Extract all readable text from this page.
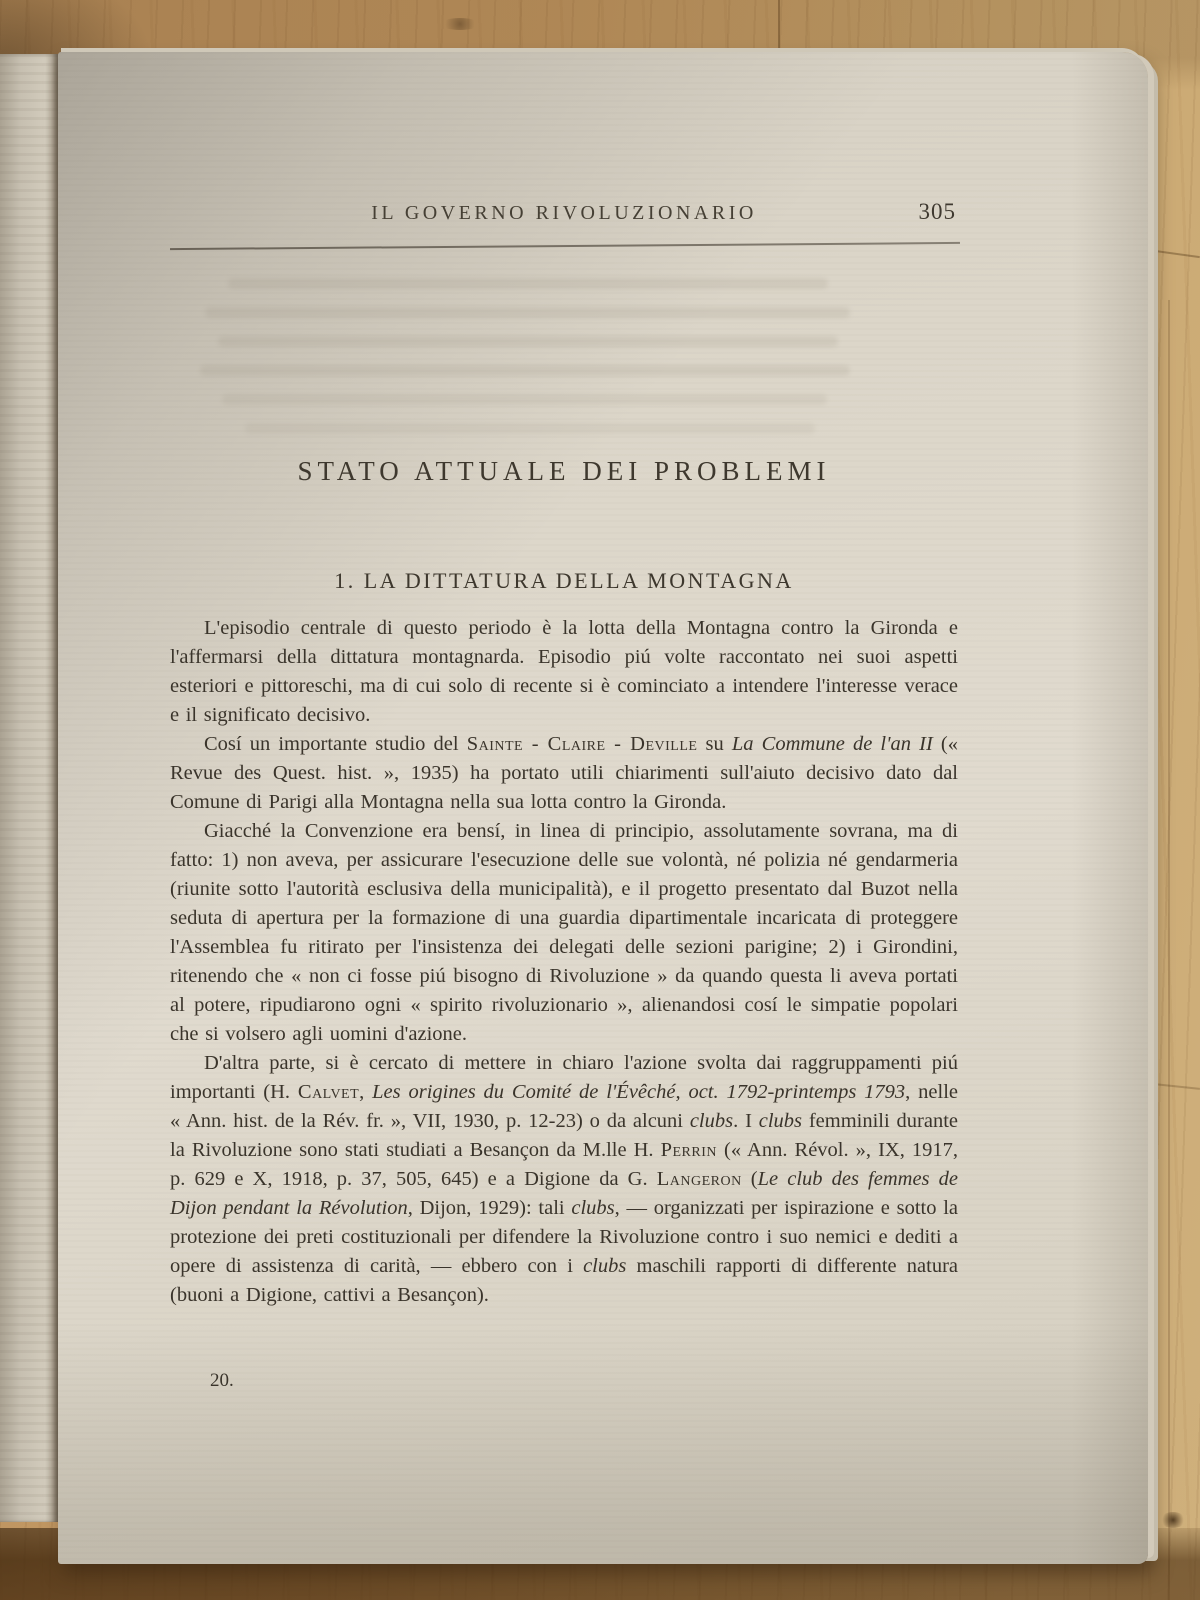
IL GOVERNO RIVOLUZIONARIO	305
STATO ATTUALE DEI PROBLEMI
1. LA DITTATURA DELLA MONTAGNA

L'episodio centrale di questo periodo è la lotta della Montagna contro la Gironda e l'affermarsi della dittatura montagnarda. Episodio piú volte raccontato nei suoi aspetti esteriori e pittoreschi, ma di cui solo di recente si è cominciato a intendere l'interesse verace e il significato decisivo.

Cosí un importante studio del Sainte - Claire - Deville su La Commune de l'an II (« Revue des Quest. hist. », 1935) ha portato utili chiarimenti sull'aiuto decisivo dato dal Comune di Parigi alla Montagna nella sua lotta contro la Gironda.

Giacché la Convenzione era bensí, in linea di principio, assolutamente sovrana, ma di fatto: 1) non aveva, per assicurare l'esecuzione delle sue volontà, né polizia né gendarmeria (riunite sotto l'autorità esclusiva della municipalità), e il progetto presentato dal Buzot nella seduta di apertura per la formazione di una guardia dipartimentale incaricata di proteggere l'Assemblea fu ritirato per l'insistenza dei delegati delle sezioni parigine; 2) i Girondini, ritenendo che « non ci fosse piú bisogno di Rivoluzione » da quando questa li aveva portati al potere, ripudiarono ogni « spirito rivoluzionario », alienandosi cosí le simpatie popolari che si volsero agli uomini d'azione.

D'altra parte, si è cercato di mettere in chiaro l'azione svolta dai raggruppamenti piú importanti (H. Calvet, Les origines du Comité de l'Évêché, oct. 1792-printemps 1793, nelle « Ann. hist. de la Rév. fr. », VII, 1930, p. 12-23) o da alcuni clubs. I clubs femminili durante la Rivoluzione sono stati studiati a Besançon da M.lle H. Perrin (« Ann. Révol. », IX, 1917, p. 629 e X, 1918, p. 37, 505, 645) e a Digione da G. Langeron (Le club des femmes de Dijon pendant la Révolution, Dijon, 1929): tali clubs, — organizzati per ispirazione e sotto la protezione dei preti costituzionali per difendere la Rivoluzione contro i suo nemici e dediti a opere di assistenza di carità, — ebbero con i clubs maschili rapporti di differente natura (buoni a Digione, cattivi a Besançon).

20.
